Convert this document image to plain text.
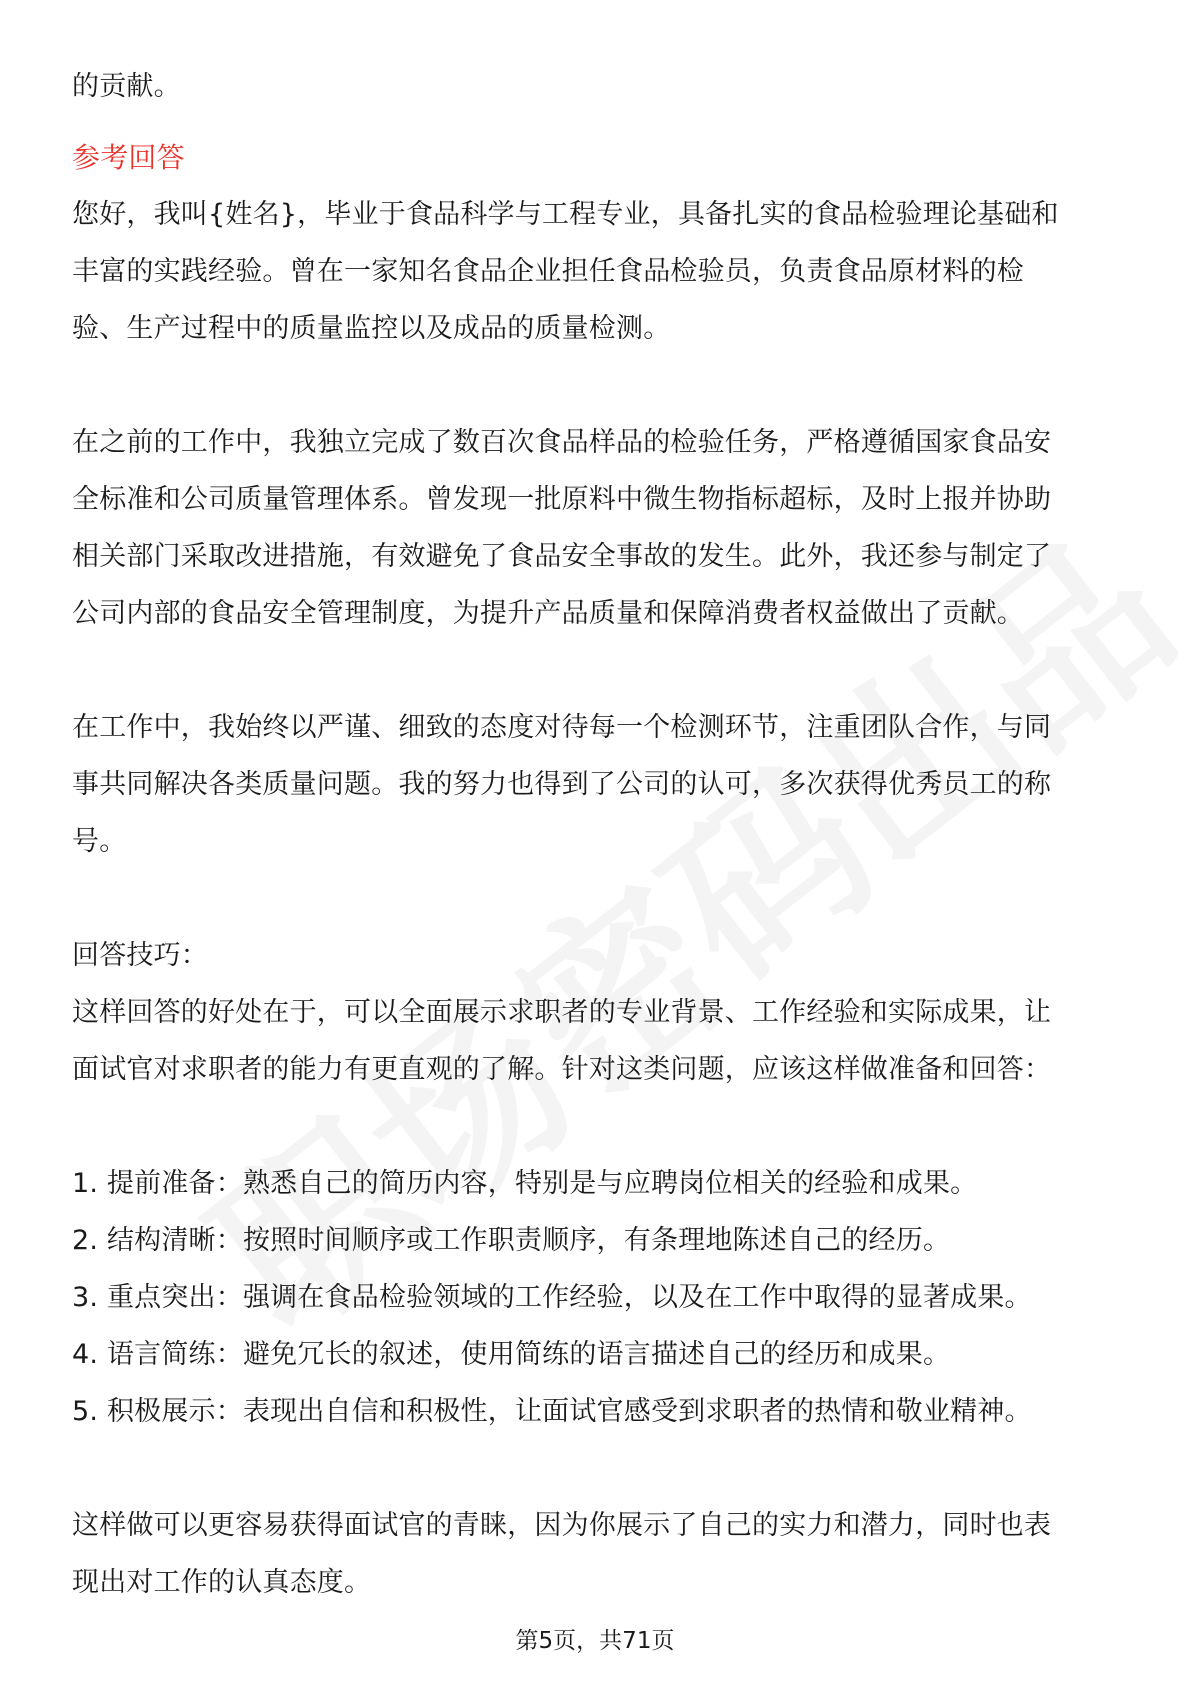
的贡献。

参考回答

您好，我叫{姓名}，毕业于食品科学与工程专业，具备扎实的食品检验理论基础和

丰富的实践经验。曾在一家知名食品企业担任食品检验员，负责食品原材料的检

验、生产过程中的质量监控以及成品的质量检测。

在之前的工作中，我独立完成了数百次食品样品的检验任务，严格遵循国家食品安

全标准和公司质量管理体系。曾发现一批原料中微生物指标超标，及时上报并协助

相关部门采取改进措施，有效避免了食品安全事故的发生。此外，我还参与制定了

公司内部的食品安全管理制度，为提升产品质量和保障消费者权益做出了贡献。

在工作中，我始终以严谨、细致的态度对待每一个检测环节，注重团队合作，与同

事共同解决各类质量问题。我的努力也得到了公司的认可，多次获得优秀员工的称

号。

回答技巧：

这样回答的好处在于，可以全面展示求职者的专业背景、工作经验和实际成果，让

面试官对求职者的能力有更直观的了解。针对这类问题，应该这样做准备和回答：

1. 提前准备：熟悉自己的简历内容，特别是与应聘岗位相关的经验和成果。

2. 结构清晰：按照时间顺序或工作职责顺序，有条理地陈述自己的经历。

3. 重点突出：强调在食品检验领域的工作经验，以及在工作中取得的显著成果。

4. 语言简练：避免冗长的叙述，使用简练的语言描述自己的经历和成果。

5. 积极展示：表现出自信和积极性，让面试官感受到求职者的热情和敬业精神。

这样做可以更容易获得面试官的青睐，因为你展示了自己的实力和潜力，同时也表

现出对工作的认真态度。

第5页，共71页
